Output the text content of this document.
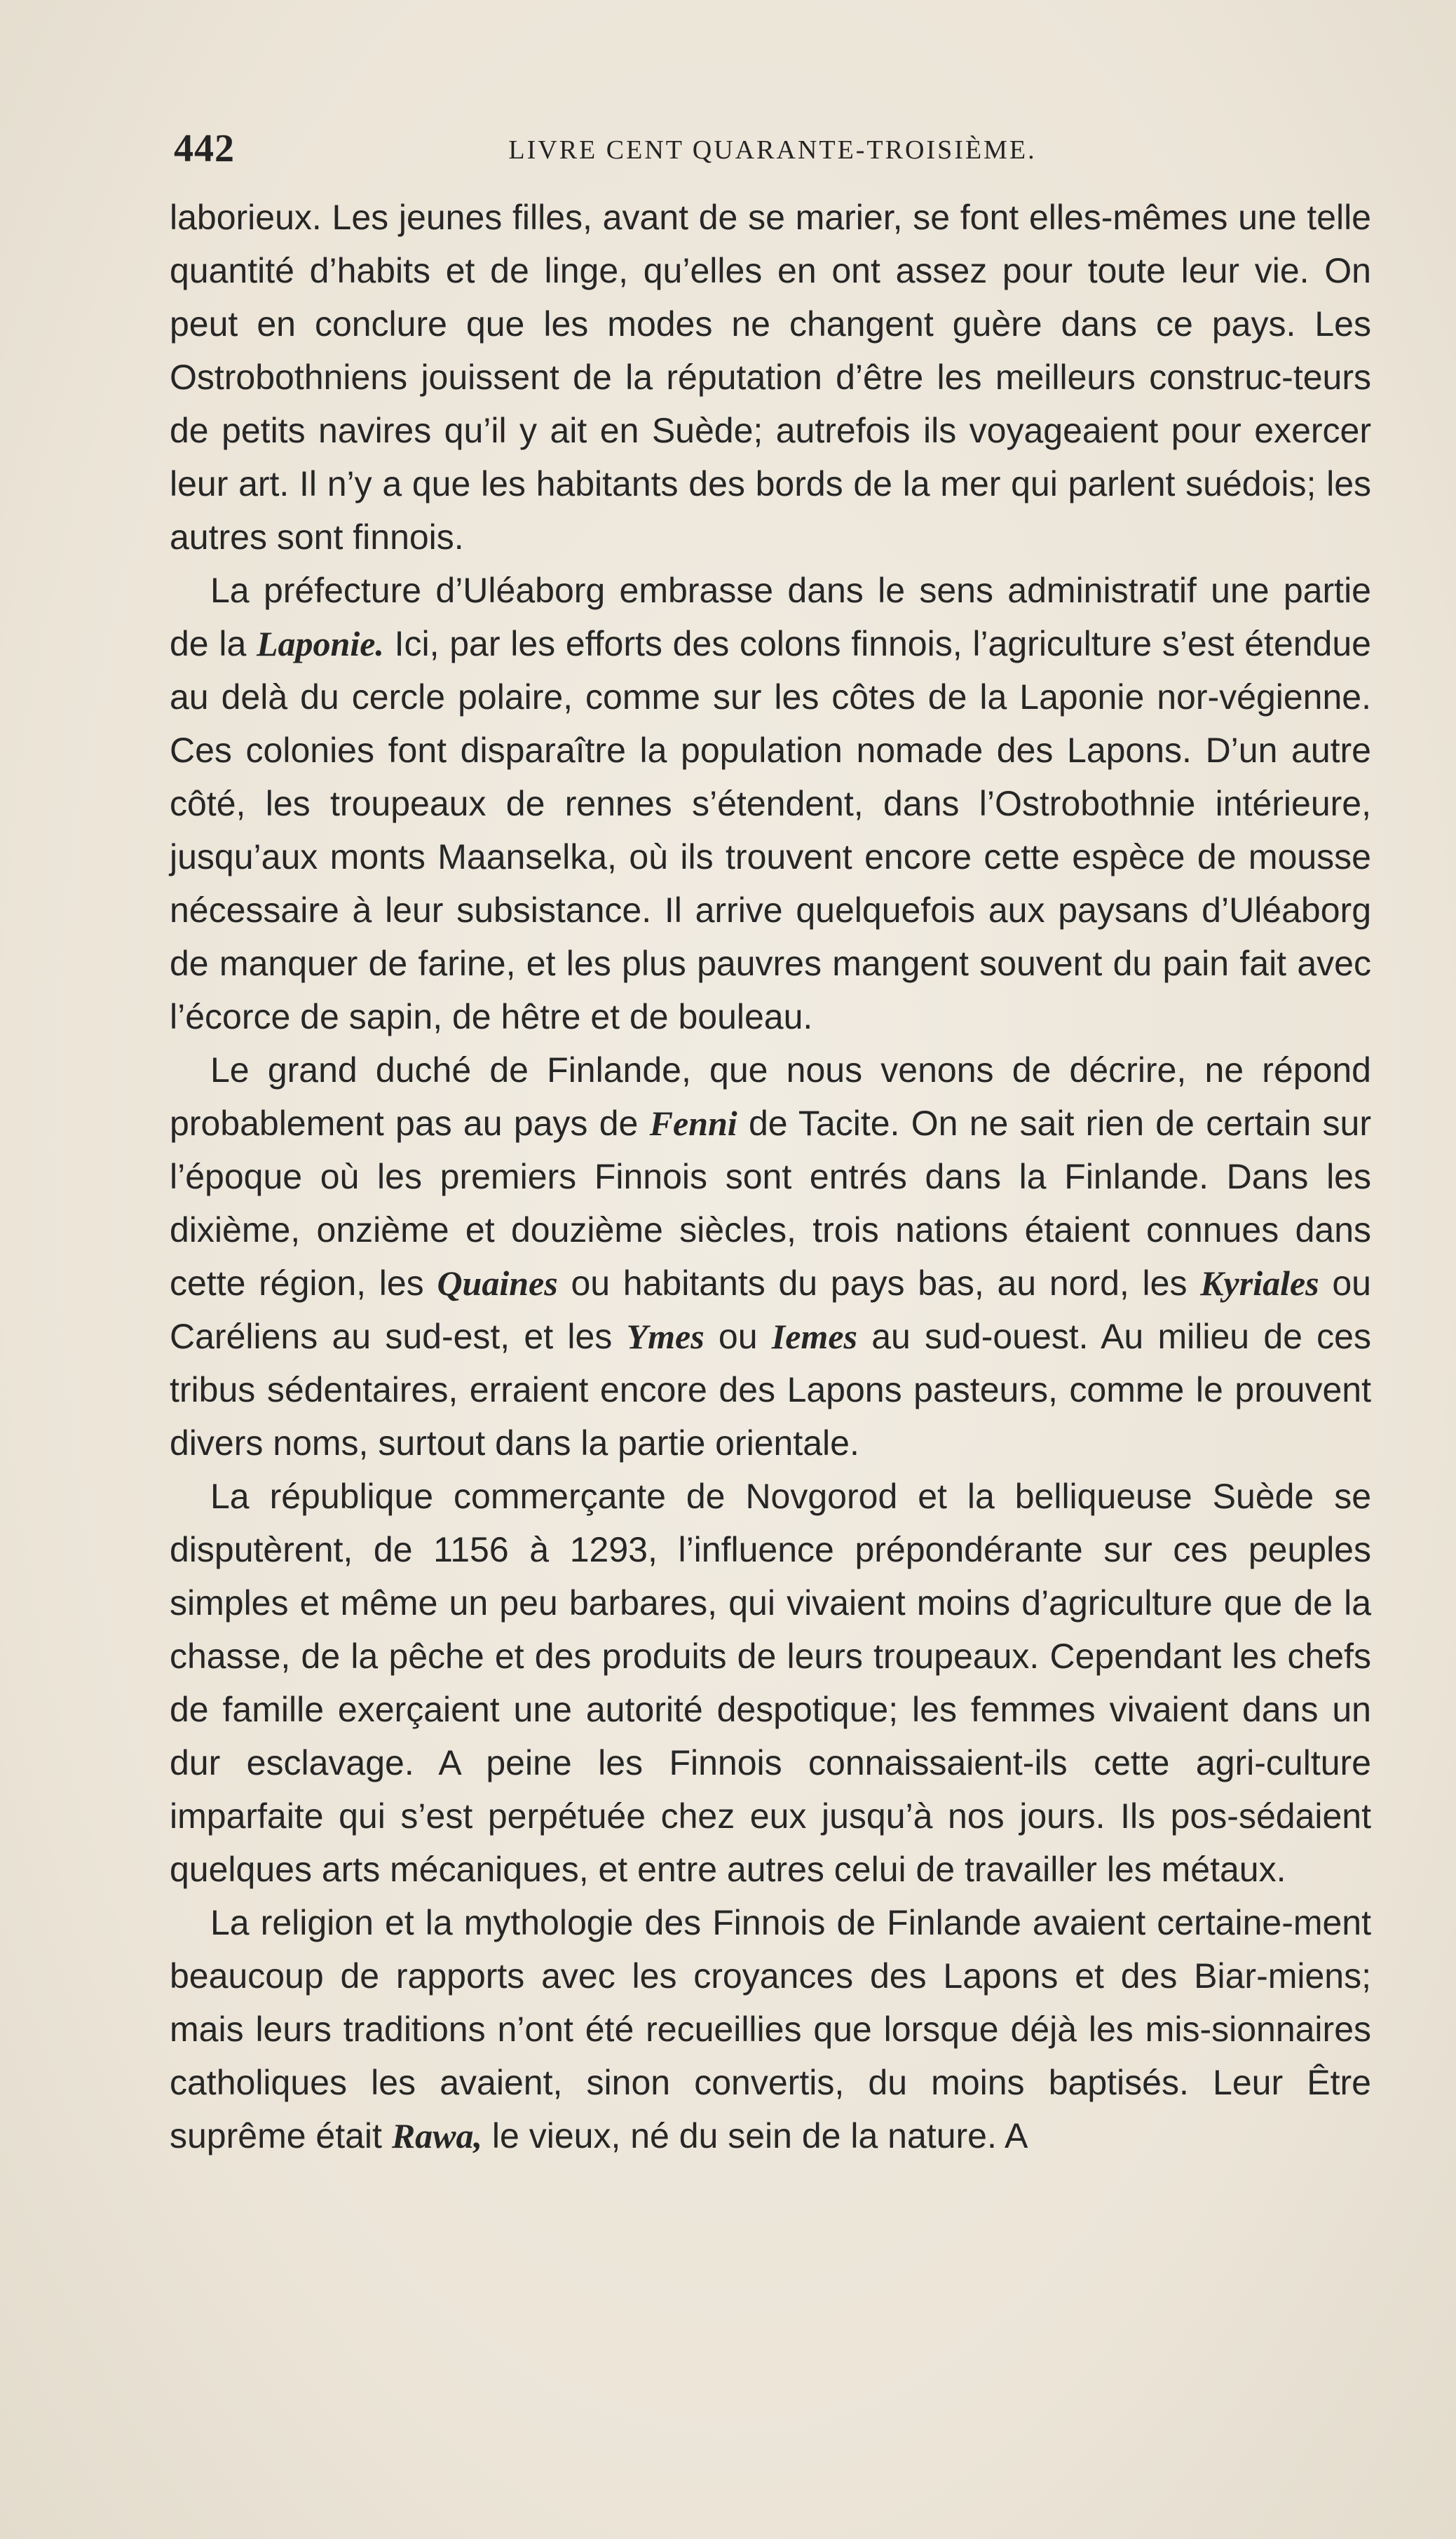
442	LIVRE CENT QUARANTE-TROISIÈME.

laborieux. Les jeunes filles, avant de se marier, se font elles-mêmes une telle quantité d’habits et de linge, qu’elles en ont assez pour toute leur vie. On peut en conclure que les modes ne changent guère dans ce pays. Les Ostrobothniens jouissent de la réputation d’être les meilleurs construc-teurs de petits navires qu’il y ait en Suède; autrefois ils voyageaient pour exercer leur art. Il n’y a que les habitants des bords de la mer qui parlent suédois; les autres sont finnois.

La préfecture d’Uléaborg embrasse dans le sens administratif une partie de la Laponie. Ici, par les efforts des colons finnois, l’agriculture s’est étendue au delà du cercle polaire, comme sur les côtes de la Laponie nor-végienne. Ces colonies font disparaître la population nomade des Lapons. D’un autre côté, les troupeaux de rennes s’étendent, dans l’Ostrobothnie intérieure, jusqu’aux monts Maanselka, où ils trouvent encore cette espèce de mousse nécessaire à leur subsistance. Il arrive quelquefois aux paysans d’Uléaborg de manquer de farine, et les plus pauvres mangent souvent du pain fait avec l’écorce de sapin, de hêtre et de bouleau.

Le grand duché de Finlande, que nous venons de décrire, ne répond probablement pas au pays de Fenni de Tacite. On ne sait rien de certain sur l’époque où les premiers Finnois sont entrés dans la Finlande. Dans les dixième, onzième et douzième siècles, trois nations étaient connues dans cette région, les Quaines ou habitants du pays bas, au nord, les Kyriales ou Caréliens au sud-est, et les Ymes ou Iemes au sud-ouest. Au milieu de ces tribus sédentaires, erraient encore des Lapons pasteurs, comme le prouvent divers noms, surtout dans la partie orientale.

La république commerçante de Novgorod et la belliqueuse Suède se disputèrent, de 1156 à 1293, l’influence prépondérante sur ces peuples simples et même un peu barbares, qui vivaient moins d’agriculture que de la chasse, de la pêche et des produits de leurs troupeaux. Cependant les chefs de famille exerçaient une autorité despotique; les femmes vivaient dans un dur esclavage. A peine les Finnois connaissaient-ils cette agri-culture imparfaite qui s’est perpétuée chez eux jusqu’à nos jours. Ils pos-sédaient quelques arts mécaniques, et entre autres celui de travailler les métaux.

La religion et la mythologie des Finnois de Finlande avaient certaine-ment beaucoup de rapports avec les croyances des Lapons et des Biar-miens; mais leurs traditions n’ont été recueillies que lorsque déjà les mis-sionnaires catholiques les avaient, sinon convertis, du moins baptisés. Leur Être suprême était Rawa, le vieux, né du sein de la nature. A
